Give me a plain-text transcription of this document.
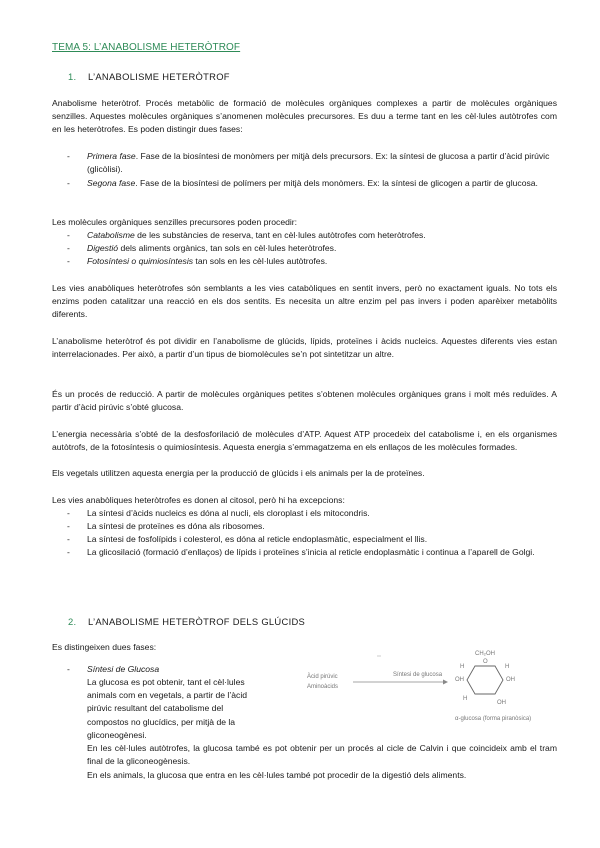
TEMA 5: L’ANABOLISME HETERÒTROF
1. L’ANABOLISME HETERÒTROF
Anabolisme heteròtrof. Procés metabòlic de formació de molècules orgàniques complexes a partir de molècules orgàniques senzilles. Aquestes molècules orgàniques s’anomenen molècules precursores. Es duu a terme tant en les cèl·lules autòtrofes com en les heteròtrofes. Es poden distingir dues fases:
- Primera fase. Fase de la biosíntesi de monòmers per mitjà dels precursors. Ex: la síntesi de glucosa a partir d’àcid pirúvic (glicòlisi).
- Segona fase. Fase de la biosíntesi de polímers per mitjà dels monòmers. Ex: la síntesi de glicogen a partir de glucosa.
Les molècules orgàniques senzilles precursores poden procedir:
- Catabolisme de les substàncies de reserva, tant en cèl·lules autòtrofes com heteròtrofes.
- Digestió dels aliments orgànics, tan sols en cèl·lules heteròtrofes.
- Fotosíntesi o quimiosíntesis tan sols en les cèl·lules autòtrofes.
Les vies anabòliques heteròtrofes són semblants a les vies catabòliques en sentit invers, però no exactament iguals. No tots els enzims poden catalitzar una reacció en els dos sentits. Es necesita un altre enzim pel pas invers i poden aparèixer metabòlits diferents.
L’anabolisme heteròtrof és pot dividir en l’anabolisme de glúcids, lípids, proteïnes i àcids nucleics. Aquestes diferents vies estan interrelacionades. Per això, a partir d’un tipus de biomolècules se’n pot sintetitzar un altre.
És un procés de reducció. A partir de molècules orgàniques petites s’obtenen molècules orgàniques grans i molt més reduïdes. A partir d’àcid pirúvic s’obté glucosa.
L’energia necessària s’obté de la desfosforilació de molècules d’ATP. Aquest ATP procedeix del catabolisme i, en els organismes autòtrofs, de la fotosíntesis o quimiosíntesis. Aquesta energia s’emmagatzema en els enllaços de les molècules formades.
Els vegetals utilitzen aquesta energia per la producció de glúcids i els animals per la de proteïnes.
Les vies anabòliques heteròtrofes es donen al citosol, però hi ha excepcions:
- La síntesi d’àcids nucleics es dóna al nucli, els cloroplast i els mitocondris.
- La síntesi de proteïnes es dóna als ribosomes.
- La síntesi de fosfolípids i colesterol, es dóna al reticle endoplasmàtic, especialment el llis.
- La glicosilació (formació d’enllaços) de lípids i proteïnes s’inicia al reticle endoplasmàtic i continua a l’aparell de Golgi.
2. L’ANABOLISME HETERÒTROF DELS GLÚCIDS
Es distingeixen dues fases:
- Síntesi de Glucosa
La glucosa es pot obtenir, tant el cèl·lules
animals com en vegetals, a partir de l’àcid
pirúvic resultant del catabolisme del
compostos no glucídics, per mitjà de la
gliconeogènesi.
En les cèl·lules autòtrofes, la glucosa també es pot obtenir per un procés al cicle de Calvin i que coincideix amb el tram final de la gliconeogènesis.
En els animals, la glucosa que entra en les cèl·lules també pot procedir de la digestió dels aliments.
Àcid pirúvic
Aminoàcids
Síntesi de glucosa
H
OH
H
OH
H
OH
O
CH₂OH
α-glucosa (forma piranòsica)
